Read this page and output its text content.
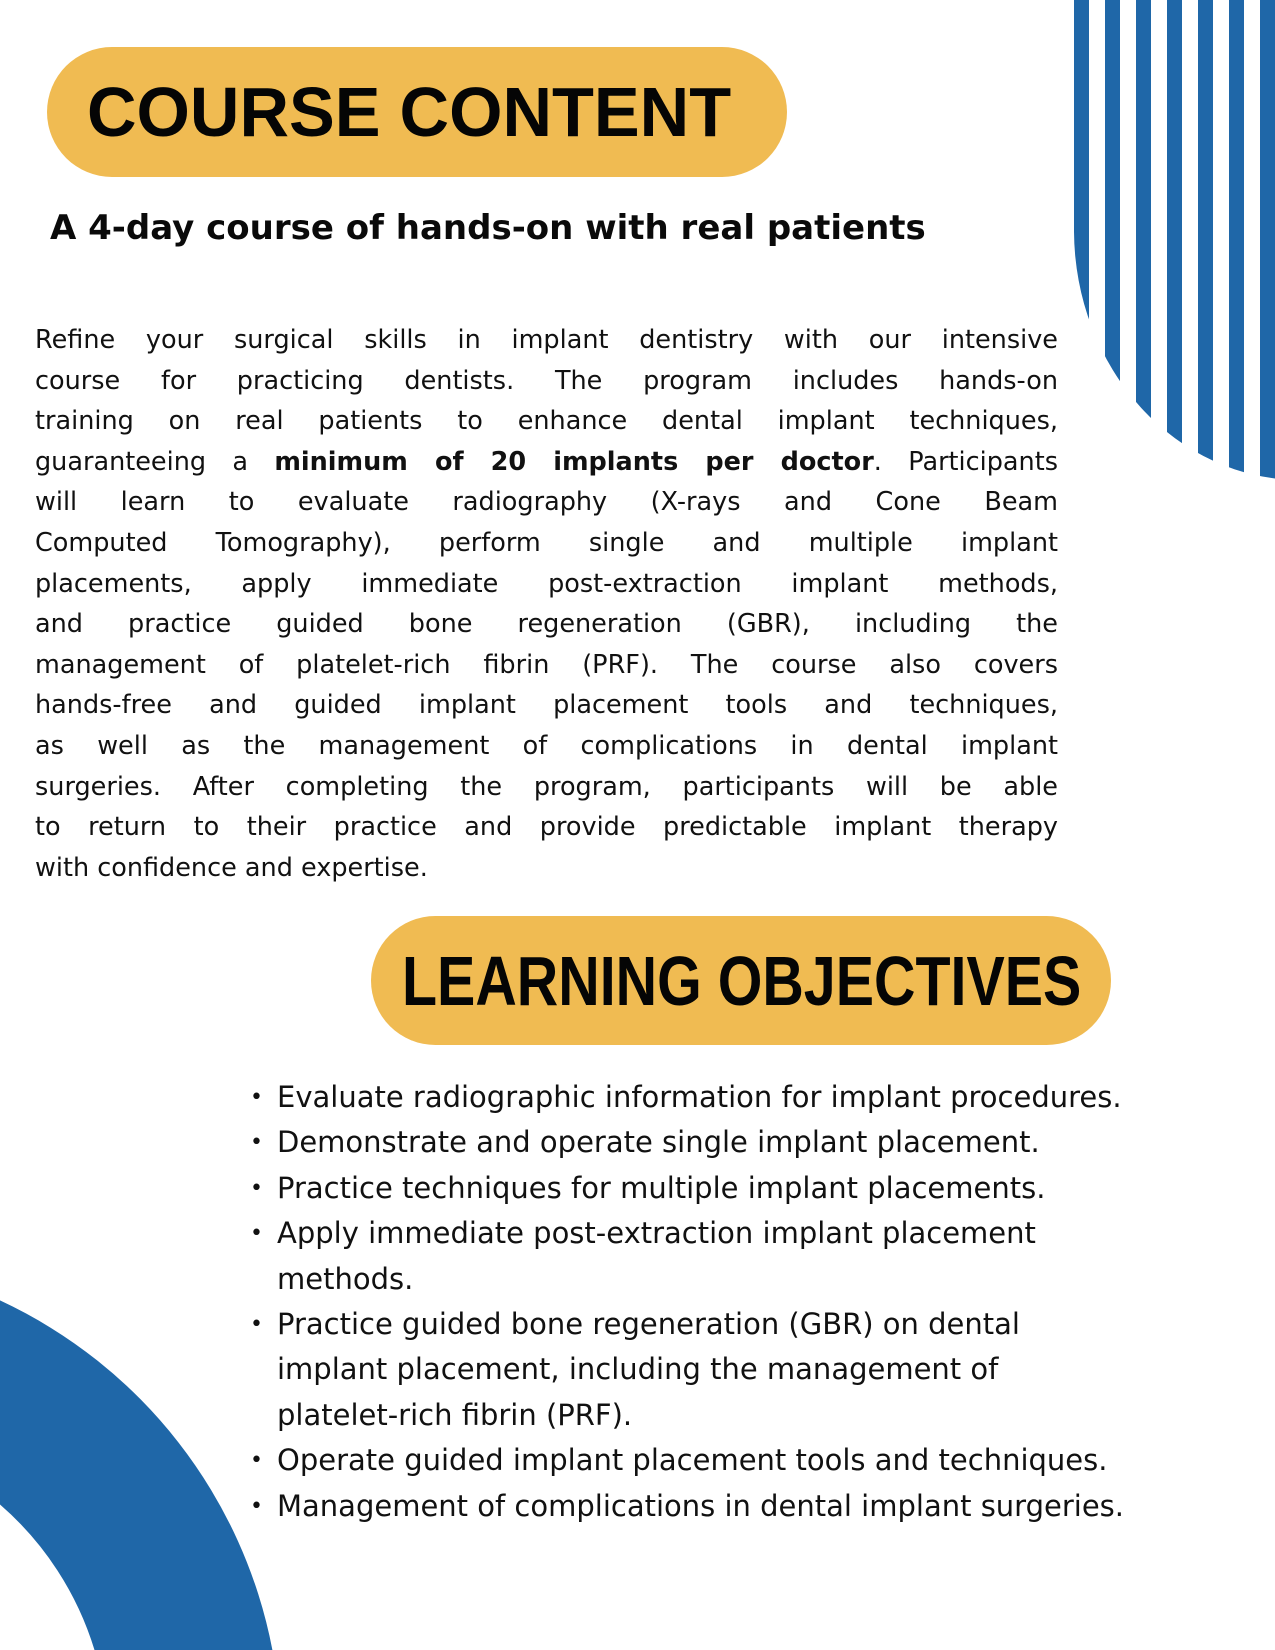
COURSE CONTENT
A 4-day course of hands-on with real patients
Refine your surgical skills in implant dentistry with our intensive
course for practicing dentists. The program includes hands-on
training on real patients to enhance dental implant techniques,
guaranteeing a minimum of 20 implants per doctor. Participants
will learn to evaluate radiography (X-rays and Cone Beam
Computed Tomography), perform single and multiple implant
placements, apply immediate post-extraction implant methods,
and practice guided bone regeneration (GBR), including the
management of platelet-rich fibrin (PRF). The course also covers
hands-free and guided implant placement tools and techniques,
as well as the management of complications in dental implant
surgeries. After completing the program, participants will be able
to return to their practice and provide predictable implant therapy
with confidence and expertise.
LEARNING OBJECTIVES
• Evaluate radiographic information for implant procedures.
• Demonstrate and operate single implant placement.
• Practice techniques for multiple implant placements.
• Apply immediate post-extraction implant placement
methods.
• Practice guided bone regeneration (GBR) on dental
implant placement, including the management of
platelet-rich fibrin (PRF).
• Operate guided implant placement tools and techniques.
• Management of complications in dental implant surgeries.
